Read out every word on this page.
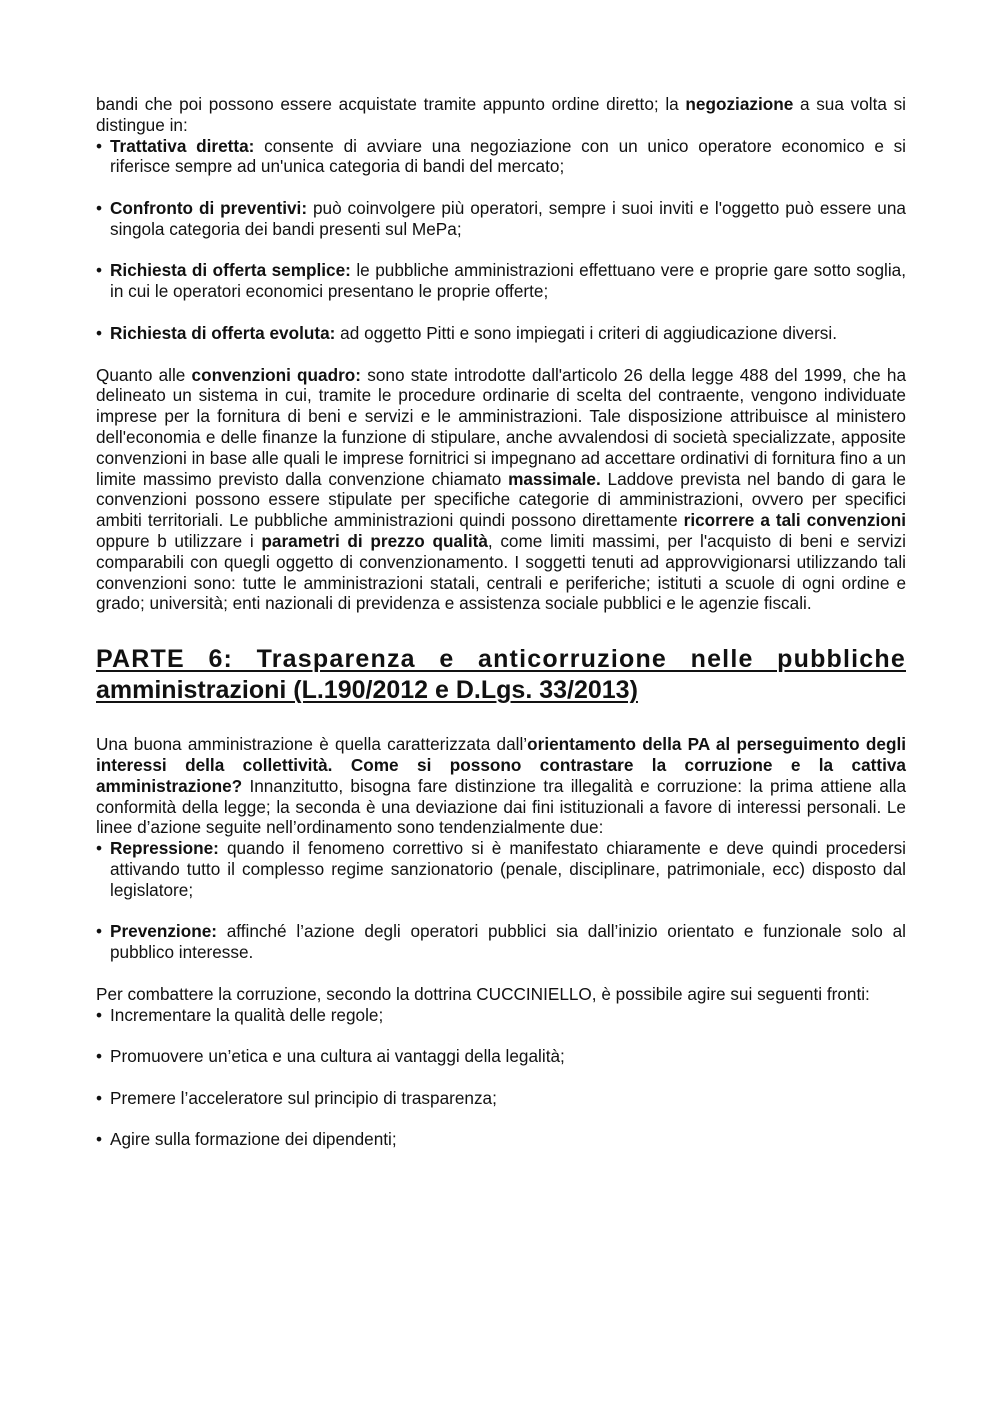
bandi che poi possono essere acquistate tramite appunto ordine diretto; la negoziazione a sua volta si distingue in:

• Trattativa diretta: consente di avviare una negoziazione con un unico operatore economico e si riferisce sempre ad un'unica categoria di bandi del mercato;
• Confronto di preventivi: può coinvolgere più operatori, sempre i suoi inviti e l'oggetto può essere una singola categoria dei bandi presenti sul MePa;
• Richiesta di offerta semplice: le pubbliche amministrazioni effettuano vere e proprie gare sotto soglia, in cui le operatori economici presentano le proprie offerte;
• Richiesta di offerta evoluta: ad oggetto Pitti e sono impiegati i criteri di aggiudicazione diversi.

Quanto alle convenzioni quadro: sono state introdotte dall'articolo 26 della legge 488 del 1999, che ha delineato un sistema in cui, tramite le procedure ordinarie di scelta del contraente, vengono individuate imprese per la fornitura di beni e servizi e le amministrazioni. Tale disposizione attribuisce al ministero dell'economia e delle finanze la funzione di stipulare, anche avvalendosi di società specializzate, apposite convenzioni in base alle quali le imprese fornitrici si impegnano ad accettare ordinativi di fornitura fino a un limite massimo previsto dalla convenzione chiamato massimale. Laddove prevista nel bando di gara le convenzioni possono essere stipulate per specifiche categorie di amministrazioni, ovvero per specifici ambiti territoriali. Le pubbliche amministrazioni quindi possono direttamente ricorrere a tali convenzioni oppure b utilizzare i parametri di prezzo qualità, come limiti massimi, per l'acquisto di beni e servizi comparabili con quegli oggetto di convenzionamento. I soggetti tenuti ad approvvigionarsi utilizzando tali convenzioni sono: tutte le amministrazioni statali, centrali e periferiche; istituti a scuole di ogni ordine e grado; università; enti nazionali di previdenza e assistenza sociale pubblici e le agenzie fiscali.

PARTE 6: Trasparenza e anticorruzione nelle pubbliche
amministrazioni (L.190/2012 e D.Lgs. 33/2013)

Una buona amministrazione è quella caratterizzata dall’orientamento della PA al perseguimento degli interessi della collettività. Come si possono contrastare la corruzione e la cattiva amministrazione? Innanzitutto, bisogna fare distinzione tra illegalità e corruzione: la prima attiene alla conformità della legge; la seconda è una deviazione dai fini istituzionali a favore di interessi personali. Le linee d’azione seguite nell’ordinamento sono tendenzialmente due:

• Repressione: quando il fenomeno correttivo si è manifestato chiaramente e deve quindi procedersi attivando tutto il complesso regime sanzionatorio (penale, disciplinare, patrimoniale, ecc) disposto dal legislatore;
• Prevenzione: affinché l’azione degli operatori pubblici sia dall’inizio orientato e funzionale solo al pubblico interesse.

Per combattere la corruzione, secondo la dottrina CUCCINIELLO, è possibile agire sui seguenti fronti:

• Incrementare la qualità delle regole;
• Promuovere un’etica e una cultura ai vantaggi della legalità;
• Premere l’acceleratore sul principio di trasparenza;
• Agire sulla formazione dei dipendenti;
